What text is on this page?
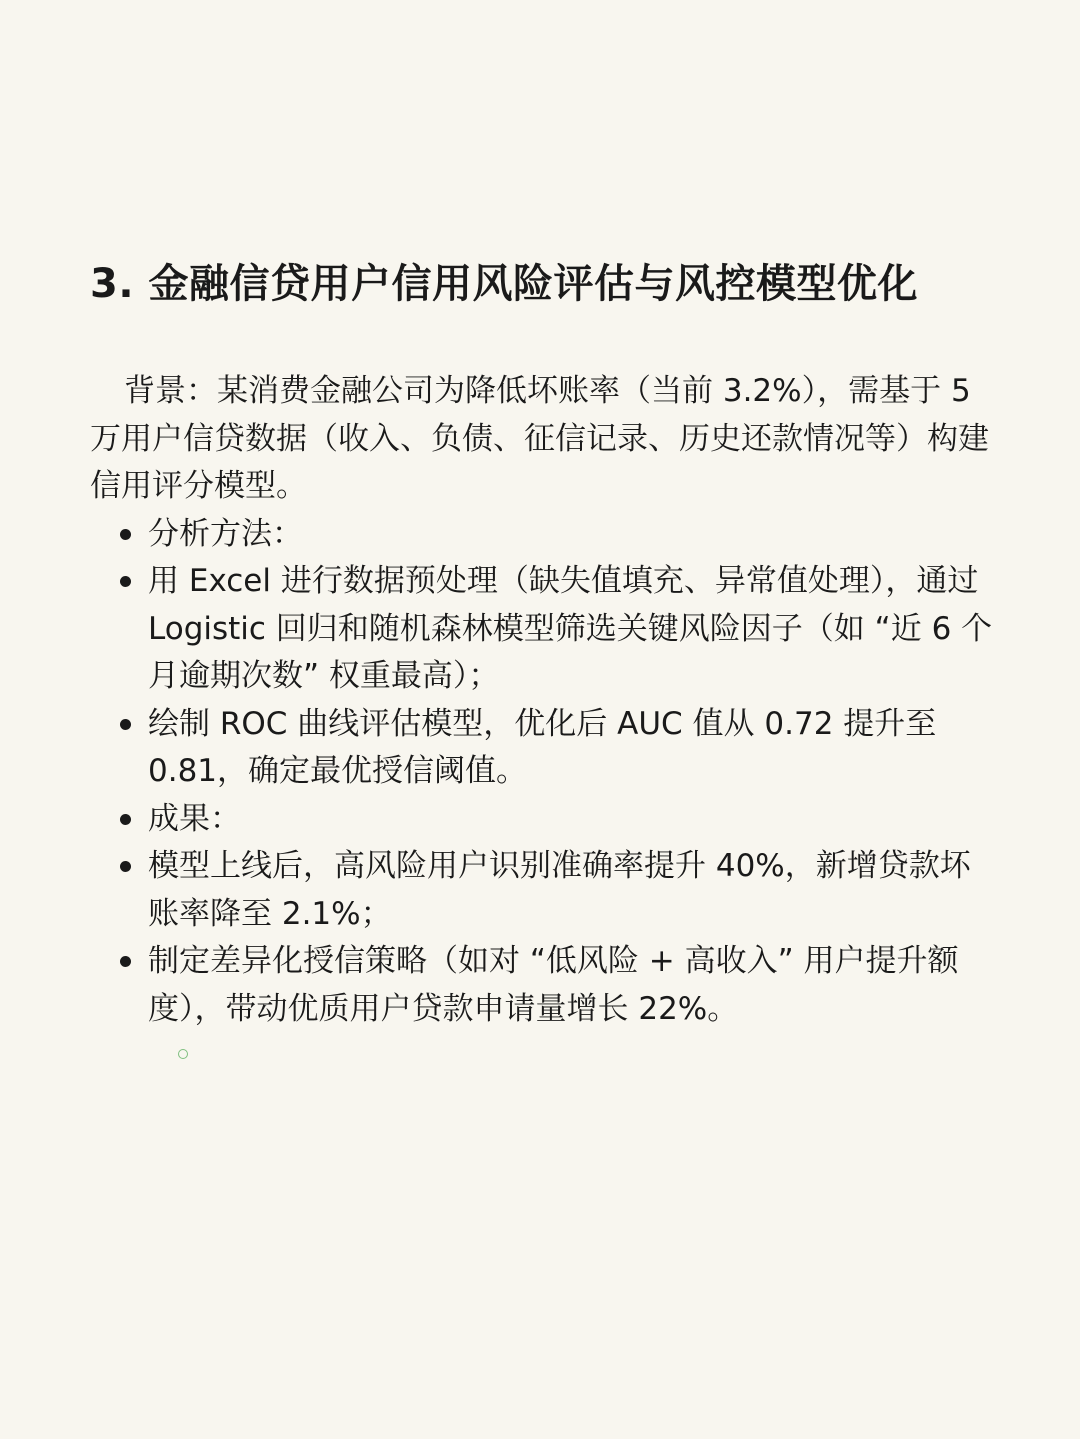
3. 金融信贷用户信用风险评估与风控模型优化

背景：某消费金融公司为降低坏账率（当前 3.2%），需基于 5 万用户信贷数据（收入、负债、征信记录、历史还款情况等）构建信用评分模型。

分析方法：
用 Excel 进行数据预处理（缺失值填充、异常值处理），通过 Logistic 回归和随机森林模型筛选关键风险因子（如 “近 6 个月逾期次数” 权重最高）；
绘制 ROC 曲线评估模型，优化后 AUC 值从 0.72 提升至 0.81，确定最优授信阈值。
成果：
模型上线后，高风险用户识别准确率提升 40%，新增贷款坏账率降至 2.1%；
制定差异化授信策略（如对 “低风险 + 高收入” 用户提升额度），带动优质用户贷款申请量增长 22%。
